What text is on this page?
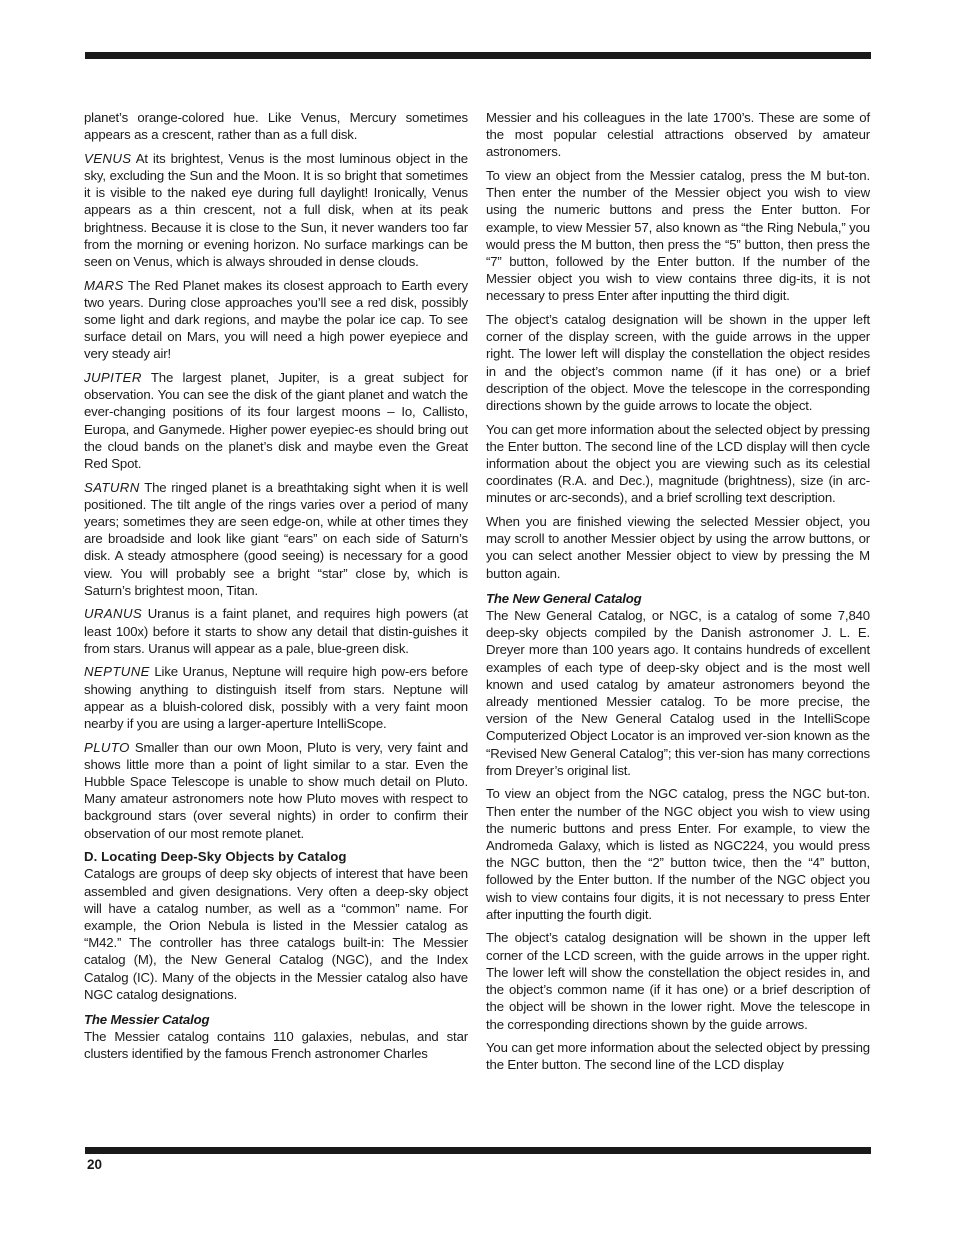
planet’s orange-colored hue. Like Venus, Mercury sometimes appears as a crescent, rather than as a full disk.

VENUS At its brightest, Venus is the most luminous object in the sky, excluding the Sun and the Moon. It is so bright that sometimes it is visible to the naked eye during full daylight! Ironically, Venus appears as a thin crescent, not a full disk, when at its peak brightness. Because it is close to the Sun, it never wanders too far from the morning or evening horizon. No surface markings can be seen on Venus, which is always shrouded in dense clouds.

MARS The Red Planet makes its closest approach to Earth every two years. During close approaches you’ll see a red disk, possibly some light and dark regions, and maybe the polar ice cap. To see surface detail on Mars, you will need a high power eyepiece and very steady air!

JUPITER The largest planet, Jupiter, is a great subject for observation. You can see the disk of the giant planet and watch the ever-changing positions of its four largest moons – Io, Callisto, Europa, and Ganymede. Higher power eyepiec-es should bring out the cloud bands on the planet’s disk and maybe even the Great Red Spot.

SATURN The ringed planet is a breathtaking sight when it is well positioned. The tilt angle of the rings varies over a period of many years; sometimes they are seen edge-on, while at other times they are broadside and look like giant “ears” on each side of Saturn’s disk. A steady atmosphere (good seeing) is necessary for a good view. You will probably see a bright “star” close by, which is Saturn’s brightest moon, Titan.

URANUS Uranus is a faint planet, and requires high powers (at least 100x) before it starts to show any detail that distin-guishes it from stars. Uranus will appear as a pale, blue-green disk.

NEPTUNE Like Uranus, Neptune will require high pow-ers before showing anything to distinguish itself from stars. Neptune will appear as a bluish-colored disk, possibly with a very faint moon nearby if you are using a larger-aperture IntelliScope.

PLUTO Smaller than our own Moon, Pluto is very, very faint and shows little more than a point of light similar to a star. Even the Hubble Space Telescope is unable to show much detail on Pluto. Many amateur astronomers note how Pluto moves with respect to background stars (over several nights) in order to confirm their observation of our most remote planet.

D. Locating Deep-Sky Objects by Catalog

Catalogs are groups of deep sky objects of interest that have been assembled and given designations. Very often a deep-sky object will have a catalog number, as well as a “common” name. For example, the Orion Nebula is listed in the Messier catalog as “M42.” The controller has three catalogs built-in: The Messier catalog (M), the New General Catalog (NGC), and the Index Catalog (IC). Many of the objects in the Messier catalog also have NGC catalog designations.

The Messier Catalog

The Messier catalog contains 110 galaxies, nebulas, and star clusters identified by the famous French astronomer Charles

Messier and his colleagues in the late 1700’s. These are some of the most popular celestial attractions observed by amateur astronomers.

To view an object from the Messier catalog, press the M but-ton. Then enter the number of the Messier object you wish to view using the numeric buttons and press the Enter button. For example, to view Messier 57, also known as “the Ring Nebula,” you would press the M button, then press the “5” button, then press the “7” button, followed by the Enter button. If the number of the Messier object you wish to view contains three dig-its, it is not necessary to press Enter after inputting the third digit.

The object’s catalog designation will be shown in the upper left corner of the display screen, with the guide arrows in the upper right. The lower left will display the constellation the object resides in and the object’s common name (if it has one) or a brief description of the object. Move the telescope in the corresponding directions shown by the guide arrows to locate the object.

You can get more information about the selected object by pressing the Enter button. The second line of the LCD display will then cycle information about the object you are viewing such as its celestial coordinates (R.A. and Dec.), magnitude (brightness), size (in arc-minutes or arc-seconds), and a brief scrolling text description.

When you are finished viewing the selected Messier object, you may scroll to another Messier object by using the arrow buttons, or you can select another Messier object to view by pressing the M button again.

The New General Catalog

The New General Catalog, or NGC, is a catalog of some 7,840 deep-sky objects compiled by the Danish astronomer J. L. E. Dreyer more than 100 years ago. It contains hundreds of excellent examples of each type of deep-sky object and is the most well known and used catalog by amateur astronomers beyond the already mentioned Messier catalog. To be more precise, the version of the New General Catalog used in the IntelliScope Computerized Object Locator is an improved ver-sion known as the “Revised New General Catalog”; this ver-sion has many corrections from Dreyer’s original list.

To view an object from the NGC catalog, press the NGC but-ton. Then enter the number of the NGC object you wish to view using the numeric buttons and press Enter. For example, to view the Andromeda Galaxy, which is listed as NGC224, you would press the NGC button, then the “2” button twice, then the “4” button, followed by the Enter button. If the number of the NGC object you wish to view contains four digits, it is not necessary to press Enter after inputting the fourth digit.

The object’s catalog designation will be shown in the upper left corner of the LCD screen, with the guide arrows in the upper right. The lower left will show the constellation the object resides in, and the object’s common name (if it has one) or a brief description of the object will be shown in the lower right. Move the telescope in the corresponding directions shown by the guide arrows.

You can get more information about the selected object by pressing the Enter button. The second line of the LCD display

20
